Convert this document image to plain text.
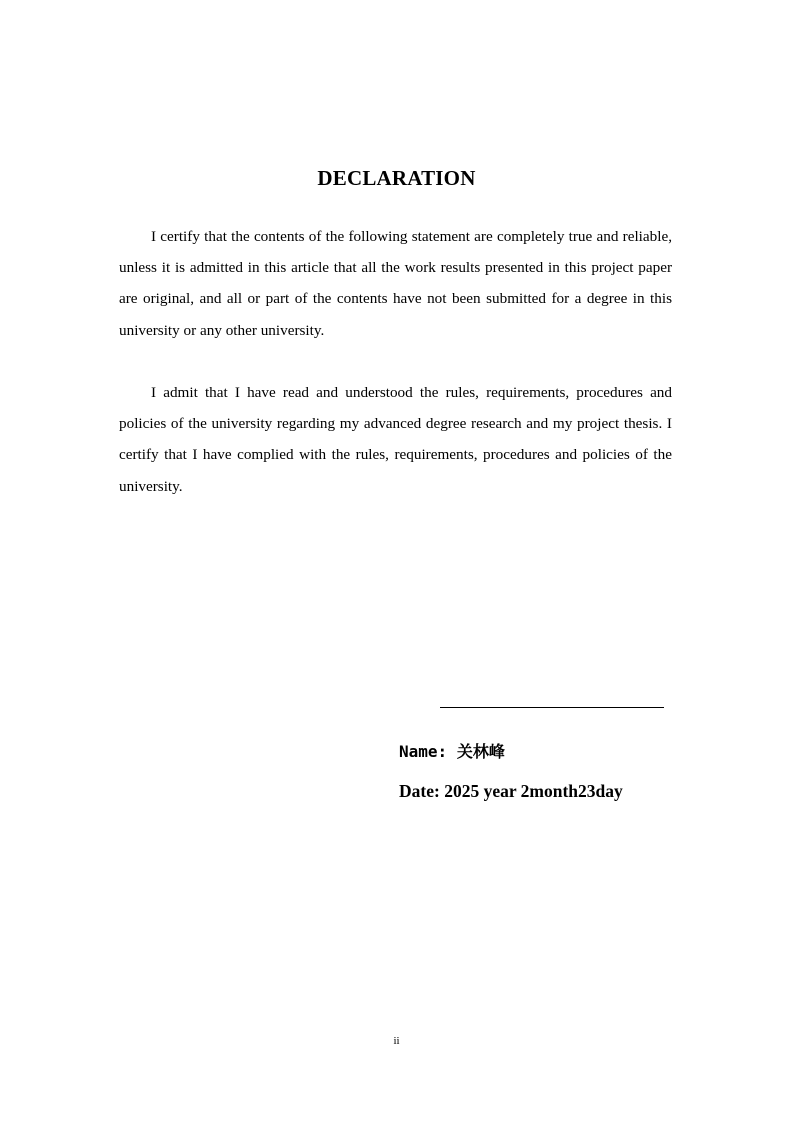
DECLARATION

I certify that the contents of the following statement are completely true and reliable, unless it is admitted in this article that all the work results presented in this project paper are original, and all or part of the contents have not been submitted for a degree in this university or any other university.

I admit that I have read and understood the rules, requirements, procedures and policies of the university regarding my advanced degree research and my project thesis. I certify that I have complied with the rules, requirements, procedures and policies of the university.

Name: 关林峰
Date: 2025 year 2month23day
ii
